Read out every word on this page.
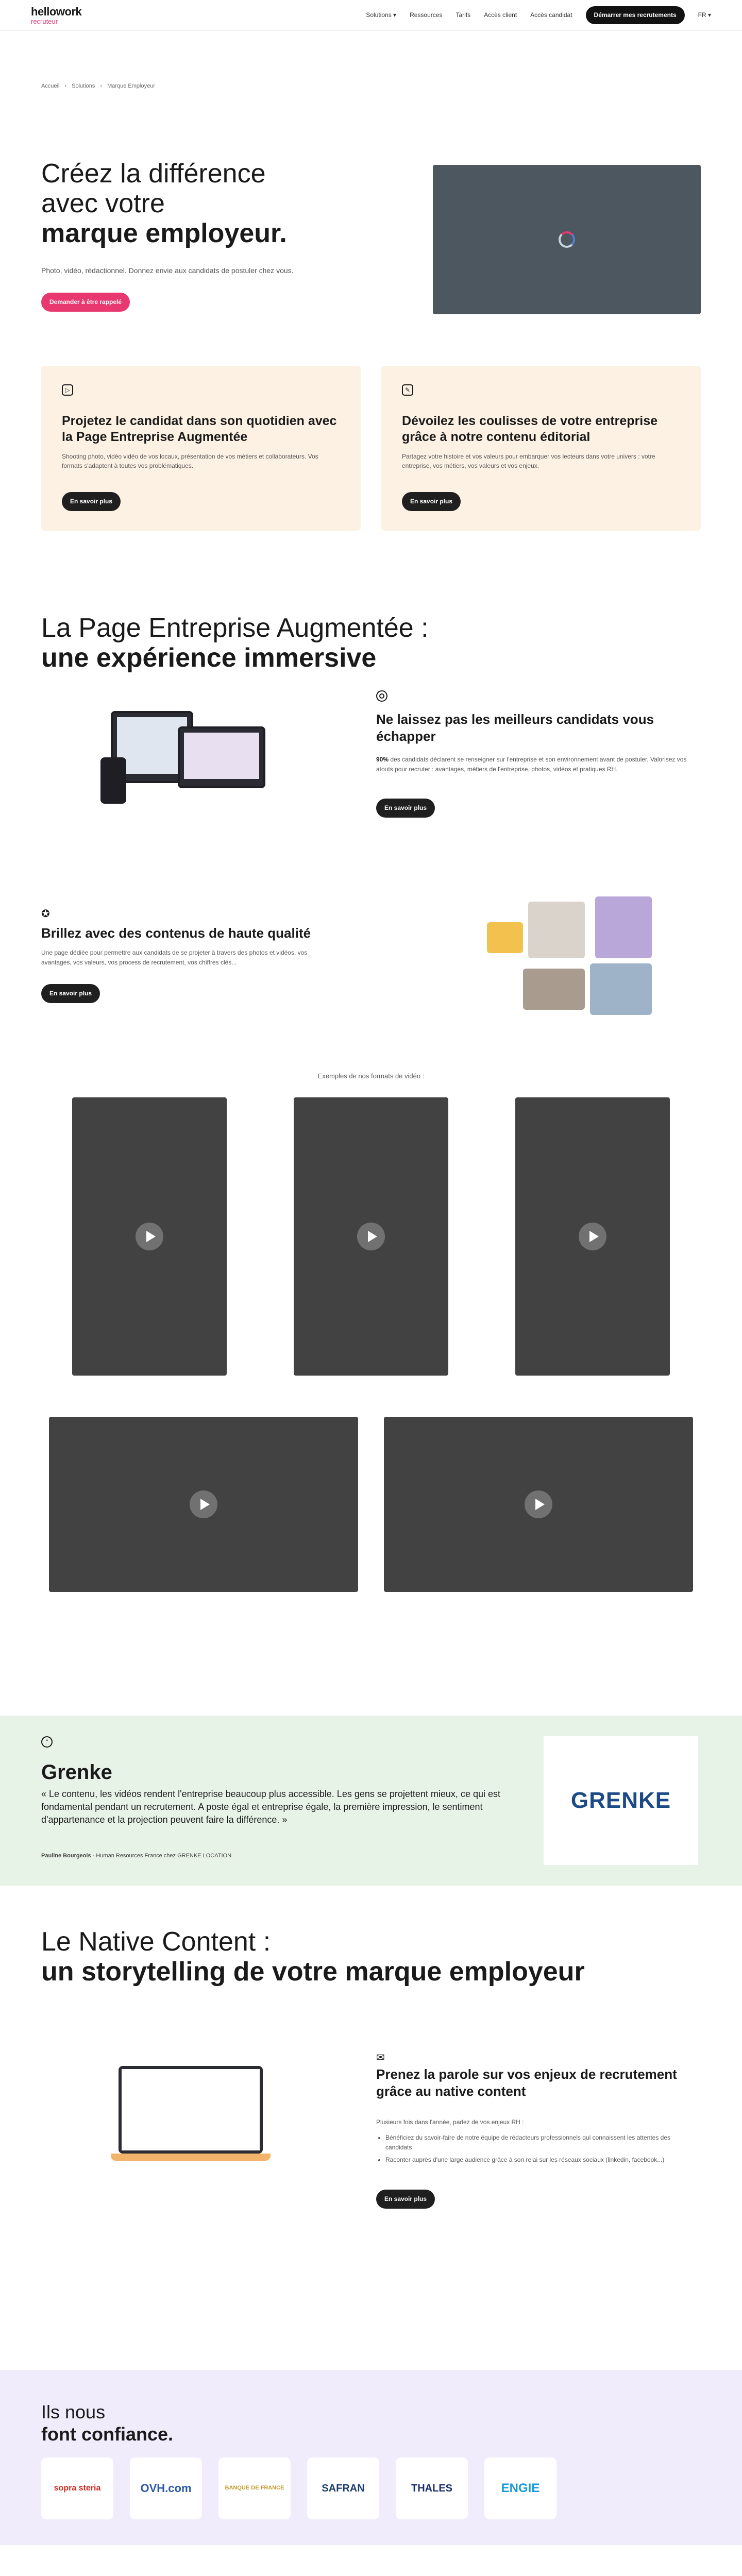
hellowork
recruteur
Solutions ▾ Ressources Tarifs Accès client Accès candidat	Démarrer mes recrutements	FR ▾
Accueil › Solutions › Marque Employeur
Créez la différence
avec votre
marque employeur.
Photo, vidéo, rédactionnel. Donnez envie aux candidats de postuler chez vous.
Demander à être rappelé
▷
Projetez le candidat dans son quotidien avec la Page Entreprise Augmentée

Shooting photo, vidéo vidéo de vos locaux, présentation de vos métiers et collaborateurs. Vos formats s'adaptent à toutes vos problématiques.

En savoir plus
✎
Dévoilez les coulisses de votre entreprise grâce à notre contenu éditorial

Partagez votre histoire et vos valeurs pour embarquer vos lecteurs dans votre univers : votre entreprise, vos métiers, vos valeurs et vos enjeux.

En savoir plus
La Page Entreprise Augmentée :
une expérience immersive
Ne laissez pas les meilleurs candidats vous échapper
90% des candidats déclarent se renseigner sur l'entreprise et son environnement avant de postuler. Valorisez vos atouts pour recruter : avantages, métiers de l'entreprise, photos, vidéos et pratiques RH.
En savoir plus
✪
Brillez avec des contenus de haute qualité
Une page dédiée pour permettre aux candidats de se projeter à travers des photos et vidéos, vos avantages, vos valeurs, vos process de recrutement, vos chiffres clés...
En savoir plus
Exemples de nos formats de vidéo :
“
Grenke
« Le contenu, les vidéos rendent l'entreprise beaucoup plus accessible. Les gens se projettent mieux, ce qui est fondamental pendant un recrutement. A poste égal et entreprise égale, la première impression, le sentiment d'appartenance et la projection peuvent faire la différence. »
Pauline Bourgeois - Human Resources France chez GRENKE LOCATION
GRENKE
Le Native Content :
un storytelling de votre marque employeur
✉
Prenez la parole sur vos enjeux de recrutement grâce au native content
Plusieurs fois dans l'année, parlez de vos enjeux RH :
• Bénéficiez du savoir-faire de notre équipe de rédacteurs professionnels qui connaissent les attentes des candidats
• Raconter auprès d'une large audience grâce à son relai sur les réseaux sociaux (linkedin, facebook...)
En savoir plus
Ils nous
font confiance.
sopra steria	OVH.com	BANQUE DE FRANCE	SAFRAN	THALES	ENGIE
